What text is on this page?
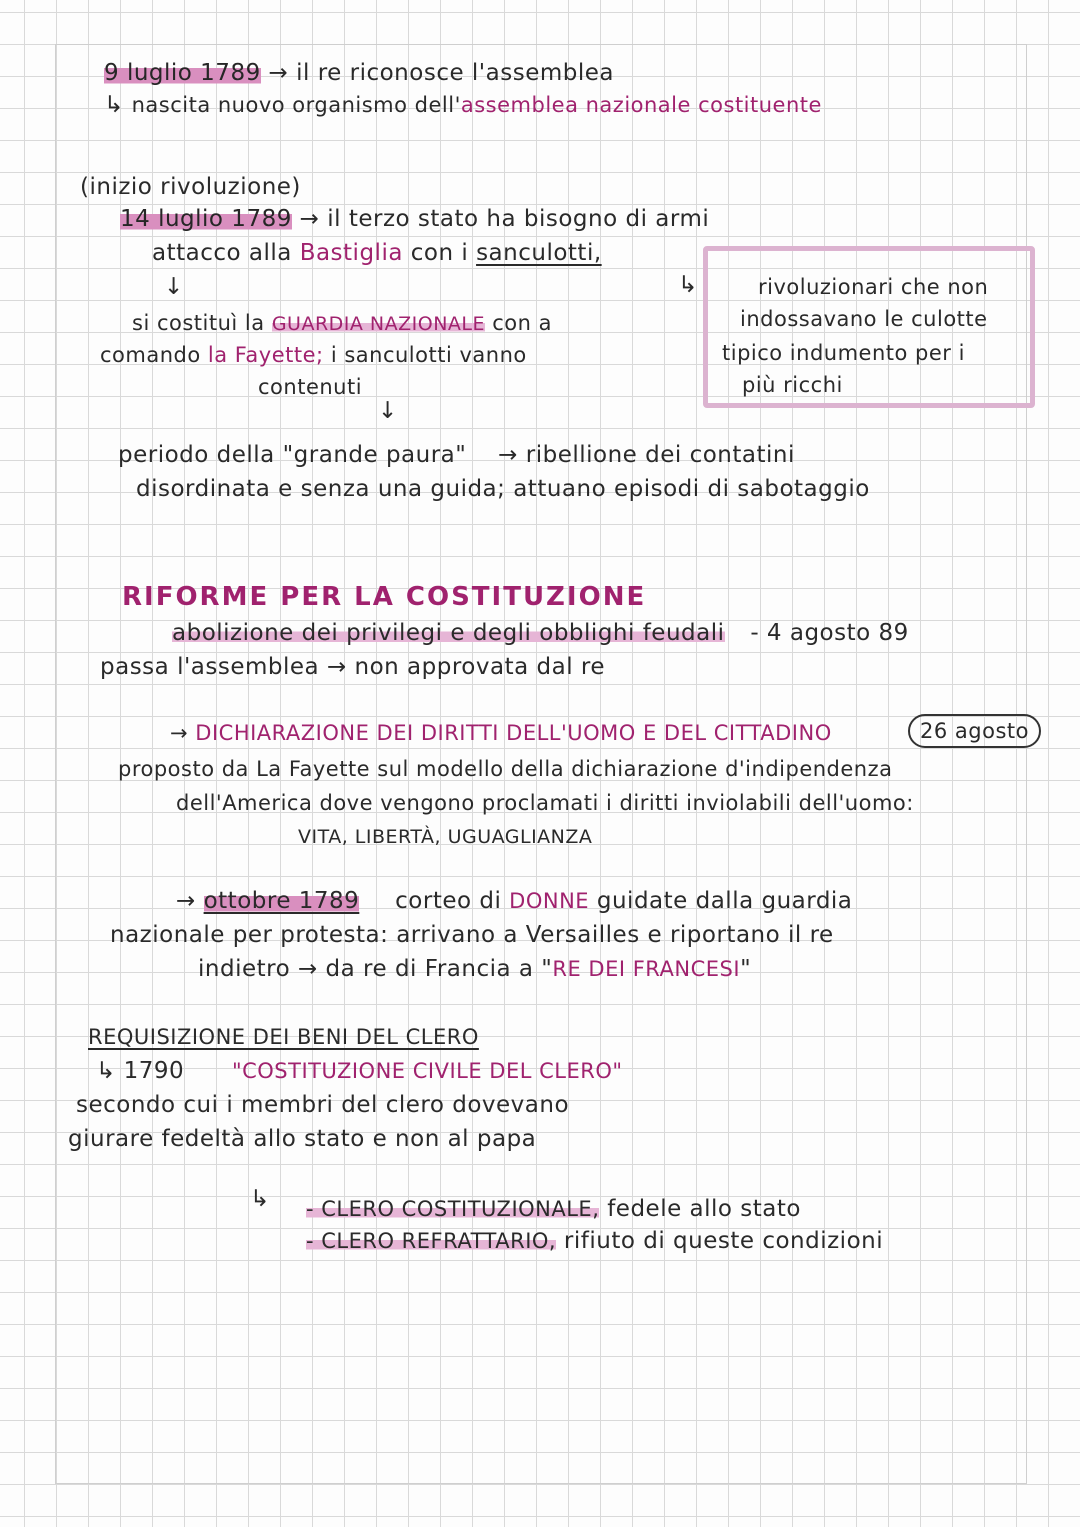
9 luglio 1789 → il re riconosce l'assemblea
↳ nascita nuovo organismo dell'assemblea nazionale costituente
(inizio rivoluzione)
14 luglio 1789 → il terzo stato ha bisogno di armi
attacco alla Bastiglia con i sanculotti,
↓	↳
si costituì la GUARDIA NAZIONALE con a
comando la Fayette; i sanculotti vanno
contenuti
↓
rivoluzionari che non
indossavano le culotte
tipico indumento per i
più ricchi
periodo della "grande paura" → ribellione dei contatini
disordinata e senza una guida; attuano episodi di sabotaggio
RIFORME PER LA COSTITUZIONE
abolizione dei privilegi e degli obblighi feudali - 4 agosto 89
passa l'assemblea → non approvata dal re
→ DICHIARAZIONE DEI DIRITTI DELL'UOMO E DEL CITTADINO	26 agosto
proposto da La Fayette sul modello della dichiarazione d'indipendenza
dell'America dove vengono proclamati i diritti inviolabili dell'uomo:
VITA, LIBERTÀ, UGUAGLIANZA
→ ottobre 1789 corteo di DONNE guidate dalla guardia
nazionale per protesta: arrivano a Versailles e riportano il re
indietro → da re di Francia a "RE DEI FRANCESI"
REQUISIZIONE DEI BENI DEL CLERO
↳ 1790 "COSTITUZIONE CIVILE DEL CLERO"
secondo cui i membri del clero dovevano
giurare fedeltà allo stato e non al papa
↳ - CLERO COSTITUZIONALE, fedele allo stato
- CLERO REFRATTARIO, rifiuto di queste condizioni
